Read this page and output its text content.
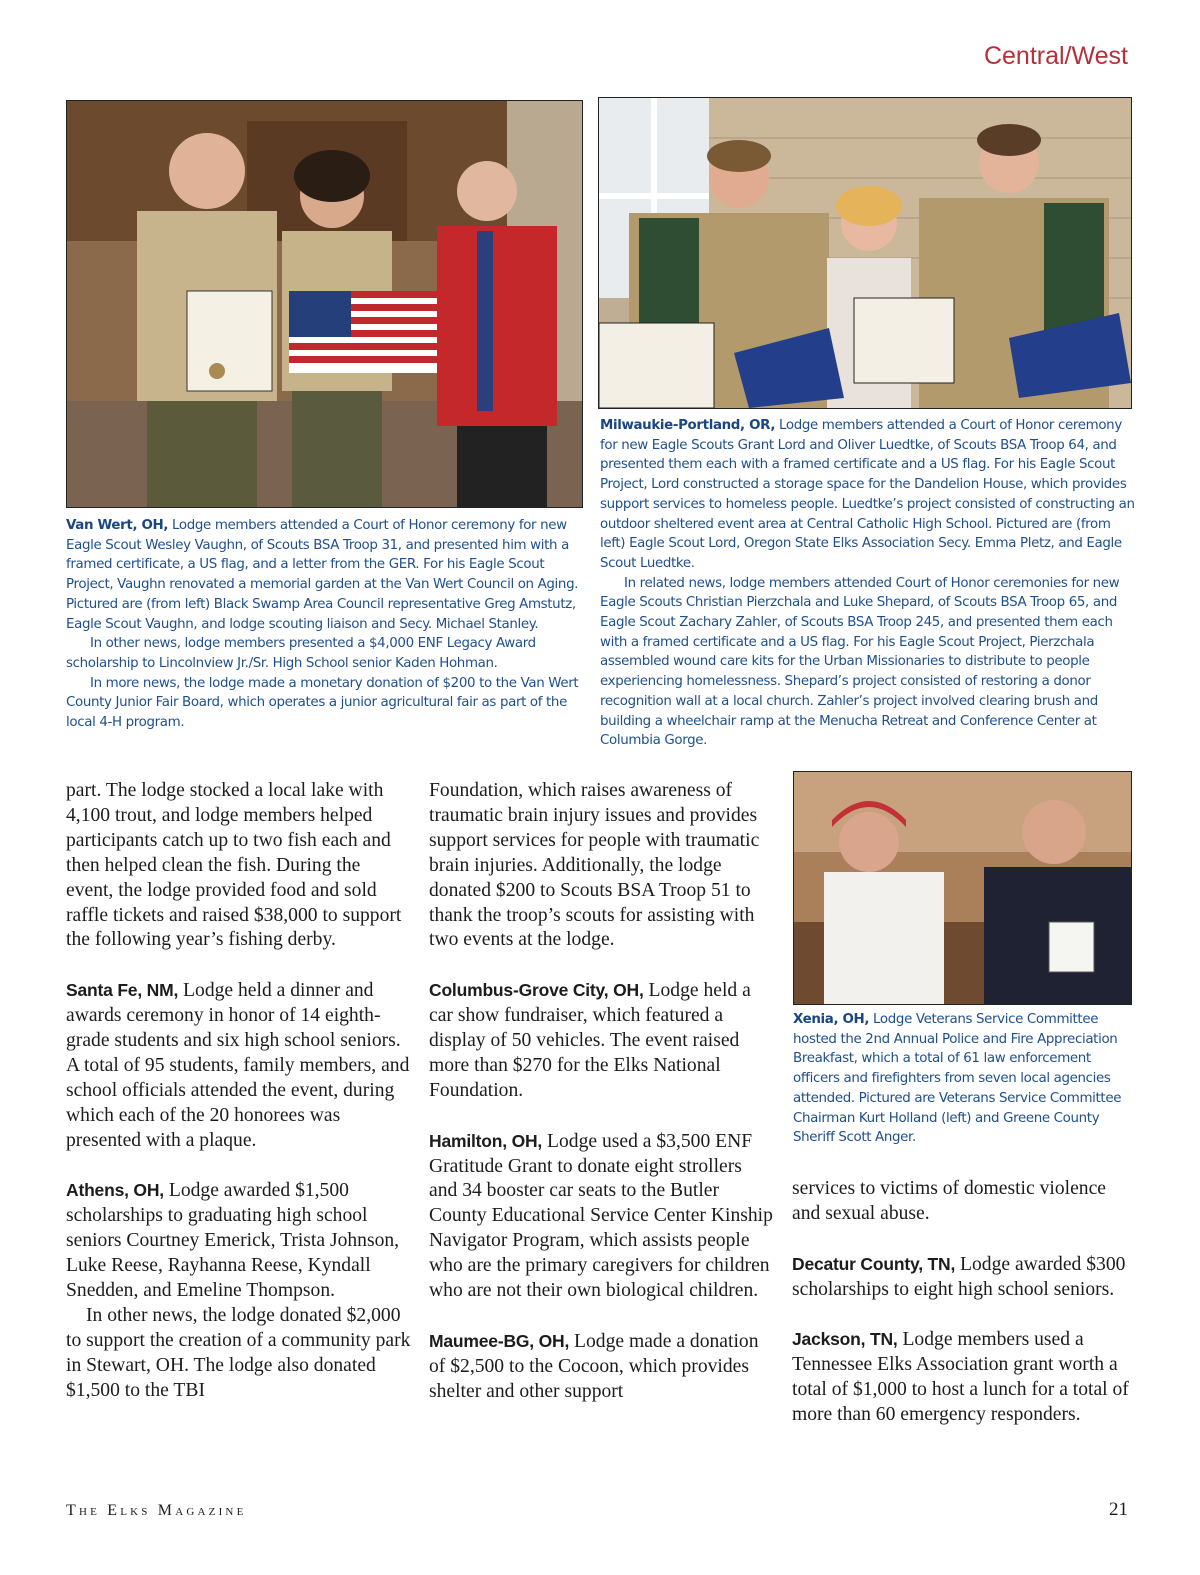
Central/West

Van Wert, OH, Lodge members attended a Court of Honor ceremony for new Eagle Scout Wesley Vaughn, of Scouts BSA Troop 31, and presented him with a framed certificate, a US flag, and a letter from the GER. For his Eagle Scout Project, Vaughn renovated a memorial garden at the Van Wert Council on Aging. Pictured are (from left) Black Swamp Area Council representative Greg Amstutz, Eagle Scout Vaughn, and lodge scouting liaison and Secy. Michael Stanley.

In other news, lodge members presented a $4,000 ENF Legacy Award scholarship to Lincolnview Jr./Sr. High School senior Kaden Hohman.

In more news, the lodge made a monetary donation of $200 to the Van Wert County Junior Fair Board, which operates a junior agricultural fair as part of the local 4-H program.

Milwaukie-Portland, OR, Lodge members attended a Court of Honor ceremony for new Eagle Scouts Grant Lord and Oliver Luedtke, of Scouts BSA Troop 64, and presented them each with a framed certificate and a US flag. For his Eagle Scout Project, Lord constructed a storage space for the Dandelion House, which provides support services to homeless people. Luedtke’s project consisted of constructing an outdoor sheltered event area at Central Catholic High School. Pictured are (from left) Eagle Scout Lord, Oregon State Elks Association Secy. Emma Pletz, and Eagle Scout Luedtke.

In related news, lodge members attended Court of Honor ceremonies for new Eagle Scouts Christian Pierzchala and Luke Shepard, of Scouts BSA Troop 65, and Eagle Scout Zachary Zahler, of Scouts BSA Troop 245, and presented them each with a framed certificate and a US flag. For his Eagle Scout Project, Pierzchala assembled wound care kits for the Urban Missionaries to distribute to people experiencing homelessness. Shepard’s project consisted of restoring a donor recognition wall at a local church. Zahler’s project involved clearing brush and building a wheelchair ramp at the Menucha Retreat and Conference Center at Columbia Gorge.

Xenia, OH, Lodge Veterans Service Committee hosted the 2nd Annual Police and Fire Appreciation Breakfast, which a total of 61 law enforcement officers and firefighters from seven local agencies attended. Pictured are Veterans Service Committee Chairman Kurt Holland (left) and Greene County Sheriff Scott Anger.

part. The lodge stocked a local lake with 4,100 trout, and lodge members helped participants catch up to two fish each and then helped clean the fish. During the event, the lodge provided food and sold raffle tickets and raised $38,000 to support the following year’s fishing derby.

Santa Fe, NM, Lodge held a dinner and awards ceremony in honor of 14 eighth-grade students and six high school seniors. A total of 95 students, family members, and school officials attended the event, during which each of the 20 honorees was presented with a plaque.

Athens, OH, Lodge awarded $1,500 scholarships to graduating high school seniors Courtney Emerick, Trista Johnson, Luke Reese, Rayhanna Reese, Kyndall Snedden, and Emeline Thompson.

In other news, the lodge donated $2,000 to support the creation of a community park in Stewart, OH. The lodge also donated $1,500 to the TBI

Foundation, which raises awareness of traumatic brain injury issues and provides support services for people with traumatic brain injuries. Additionally, the lodge donated $200 to Scouts BSA Troop 51 to thank the troop’s scouts for assisting with two events at the lodge.

Columbus-Grove City, OH, Lodge held a car show fundraiser, which featured a display of 50 vehicles. The event raised more than $270 for the Elks National Foundation.

Hamilton, OH, Lodge used a $3,500 ENF Gratitude Grant to donate eight strollers and 34 booster car seats to the Butler County Educational Service Center Kinship Navigator Program, which assists people who are the primary caregivers for children who are not their own biological children.

Maumee-BG, OH, Lodge made a donation of $2,500 to the Cocoon, which provides shelter and other support

services to victims of domestic violence and sexual abuse.

Decatur County, TN, Lodge awarded $300 scholarships to eight high school seniors.

Jackson, TN, Lodge members used a Tennessee Elks Association grant worth a total of $1,000 to host a lunch for a total of more than 60 emergency responders.

The Elks Magazine	21
